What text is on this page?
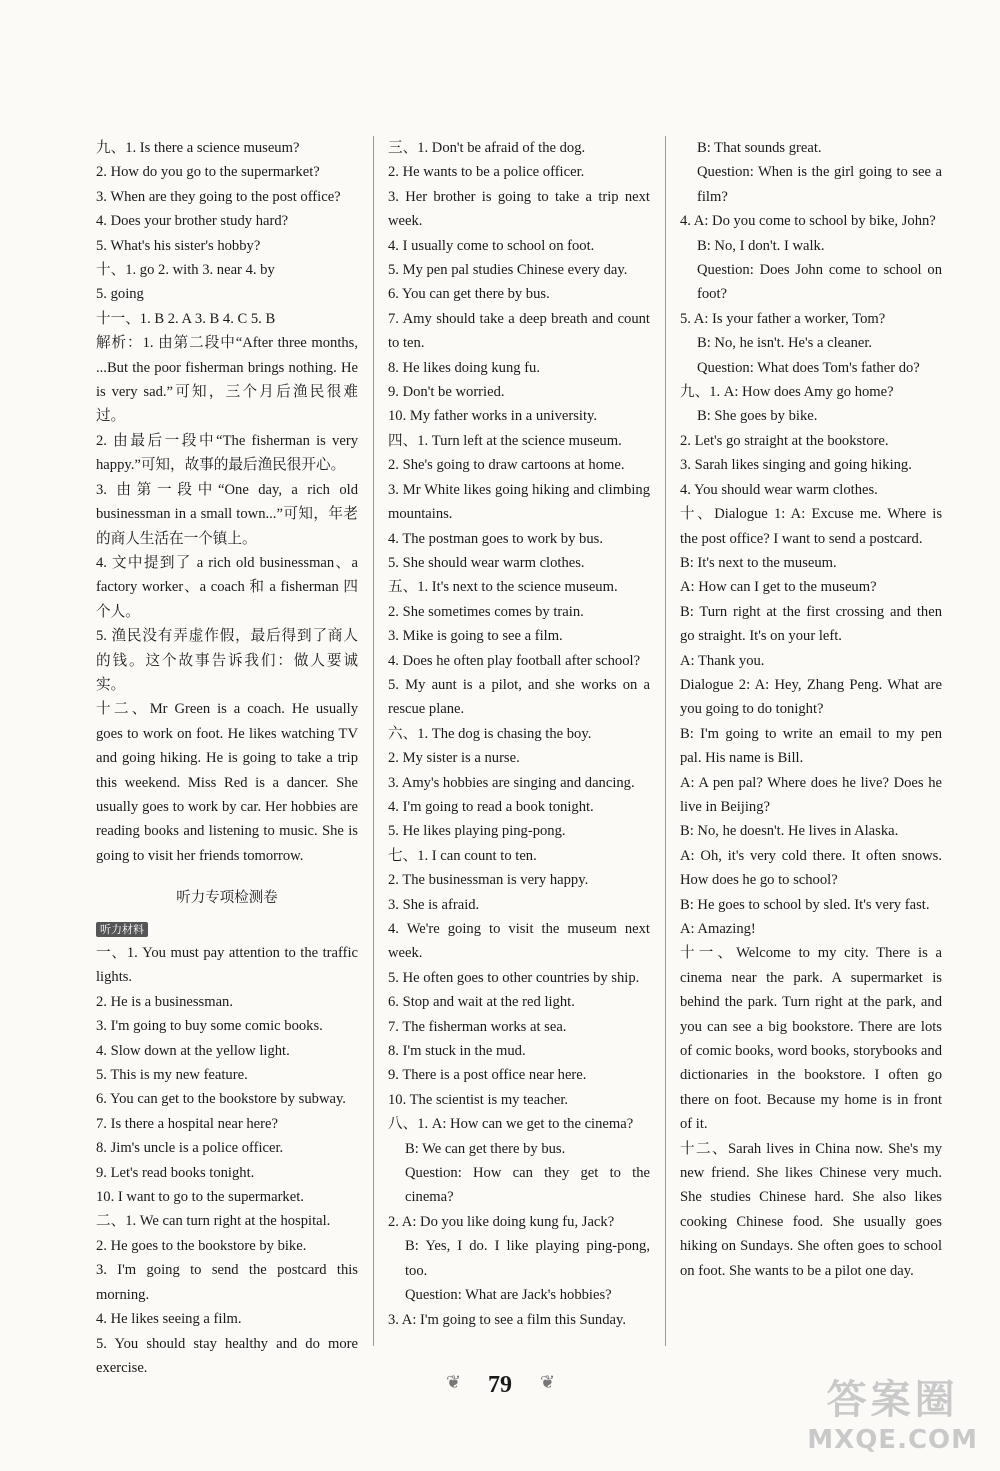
九、1. Is there a science museum?
2. How do you go to the supermarket?
3. When are they going to the post office?
4. Does your brother study hard?
5. What's his sister's hobby?
十、1. go 2. with 3. near 4. by
5. going
十一、1. B 2. A 3. B 4. C 5. B
解析：1. 由第二段中“After three months, ...But the poor fisherman brings nothing. He is very sad.”可知，三个月后渔民很难过。
2. 由最后一段中“The fisherman is very happy.”可知，故事的最后渔民很开心。
3. 由第一段中“One day, a rich old businessman in a small town...”可知，年老的商人生活在一个镇上。
4. 文中提到了 a rich old businessman、a factory worker、a coach 和 a fisherman 四个人。
5. 渔民没有弄虚作假，最后得到了商人的钱。这个故事告诉我们：做人要诚实。
十二、Mr Green is a coach. He usually goes to work on foot. He likes watching TV and going hiking. He is going to take a trip this weekend. Miss Red is a dancer. She usually goes to work by car. Her hobbies are reading books and listening to music. She is going to visit her friends tomorrow.
听力专项检测卷
听力材料
一、1. You must pay attention to the traffic lights.
2. He is a businessman.
3. I'm going to buy some comic books.
4. Slow down at the yellow light.
5. This is my new feature.
6. You can get to the bookstore by subway.
7. Is there a hospital near here?
8. Jim's uncle is a police officer.
9. Let's read books tonight.
10. I want to go to the supermarket.
二、1. We can turn right at the hospital.
2. He goes to the bookstore by bike.
3. I'm going to send the postcard this morning.
4. He likes seeing a film.
5. You should stay healthy and do more exercise.
三、1. Don't be afraid of the dog.
2. He wants to be a police officer.
3. Her brother is going to take a trip next week.
4. I usually come to school on foot.
5. My pen pal studies Chinese every day.
6. You can get there by bus.
7. Amy should take a deep breath and count to ten.
8. He likes doing kung fu.
9. Don't be worried.
10. My father works in a university.
四、1. Turn left at the science museum.
2. She's going to draw cartoons at home.
3. Mr White likes going hiking and climbing mountains.
4. The postman goes to work by bus.
5. She should wear warm clothes.
五、1. It's next to the science museum.
2. She sometimes comes by train.
3. Mike is going to see a film.
4. Does he often play football after school?
5. My aunt is a pilot, and she works on a rescue plane.
六、1. The dog is chasing the boy.
2. My sister is a nurse.
3. Amy's hobbies are singing and dancing.
4. I'm going to read a book tonight.
5. He likes playing ping-pong.
七、1. I can count to ten.
2. The businessman is very happy.
3. She is afraid.
4. We're going to visit the museum next week.
5. He often goes to other countries by ship.
6. Stop and wait at the red light.
7. The fisherman works at sea.
8. I'm stuck in the mud.
9. There is a post office near here.
10. The scientist is my teacher.
八、1. A: How can we get to the cinema?
B: We can get there by bus.
Question: How can they get to the cinema?
2. A: Do you like doing kung fu, Jack?
B: Yes, I do. I like playing ping-pong, too.
Question: What are Jack's hobbies?
3. A: I'm going to see a film this Sunday.
B: That sounds great.
Question: When is the girl going to see a film?
4. A: Do you come to school by bike, John?
B: No, I don't. I walk.
Question: Does John come to school on foot?
5. A: Is your father a worker, Tom?
B: No, he isn't. He's a cleaner.
Question: What does Tom's father do?
九、1. A: How does Amy go home?
B: She goes by bike.
2. Let's go straight at the bookstore.
3. Sarah likes singing and going hiking.
4. You should wear warm clothes.
十、Dialogue 1: A: Excuse me. Where is the post office? I want to send a postcard.
B: It's next to the museum.
A: How can I get to the museum?
B: Turn right at the first crossing and then go straight. It's on your left.
A: Thank you.
Dialogue 2: A: Hey, Zhang Peng. What are you going to do tonight?
B: I'm going to write an email to my pen pal. His name is Bill.
A: A pen pal? Where does he live? Does he live in Beijing?
B: No, he doesn't. He lives in Alaska.
A: Oh, it's very cold there. It often snows. How does he go to school?
B: He goes to school by sled. It's very fast.
A: Amazing!
十一、Welcome to my city. There is a cinema near the park. A supermarket is behind the park. Turn right at the park, and you can see a big bookstore. There are lots of comic books, word books, storybooks and dictionaries in the bookstore. I often go there on foot. Because my home is in front of it.
十二、Sarah lives in China now. She's my new friend. She likes Chinese very much. She studies Chinese hard. She also likes cooking Chinese food. She usually goes hiking on Sundays. She often goes to school on foot. She wants to be a pilot one day.
❦	79	❦	答案圈
MXQE.COM
